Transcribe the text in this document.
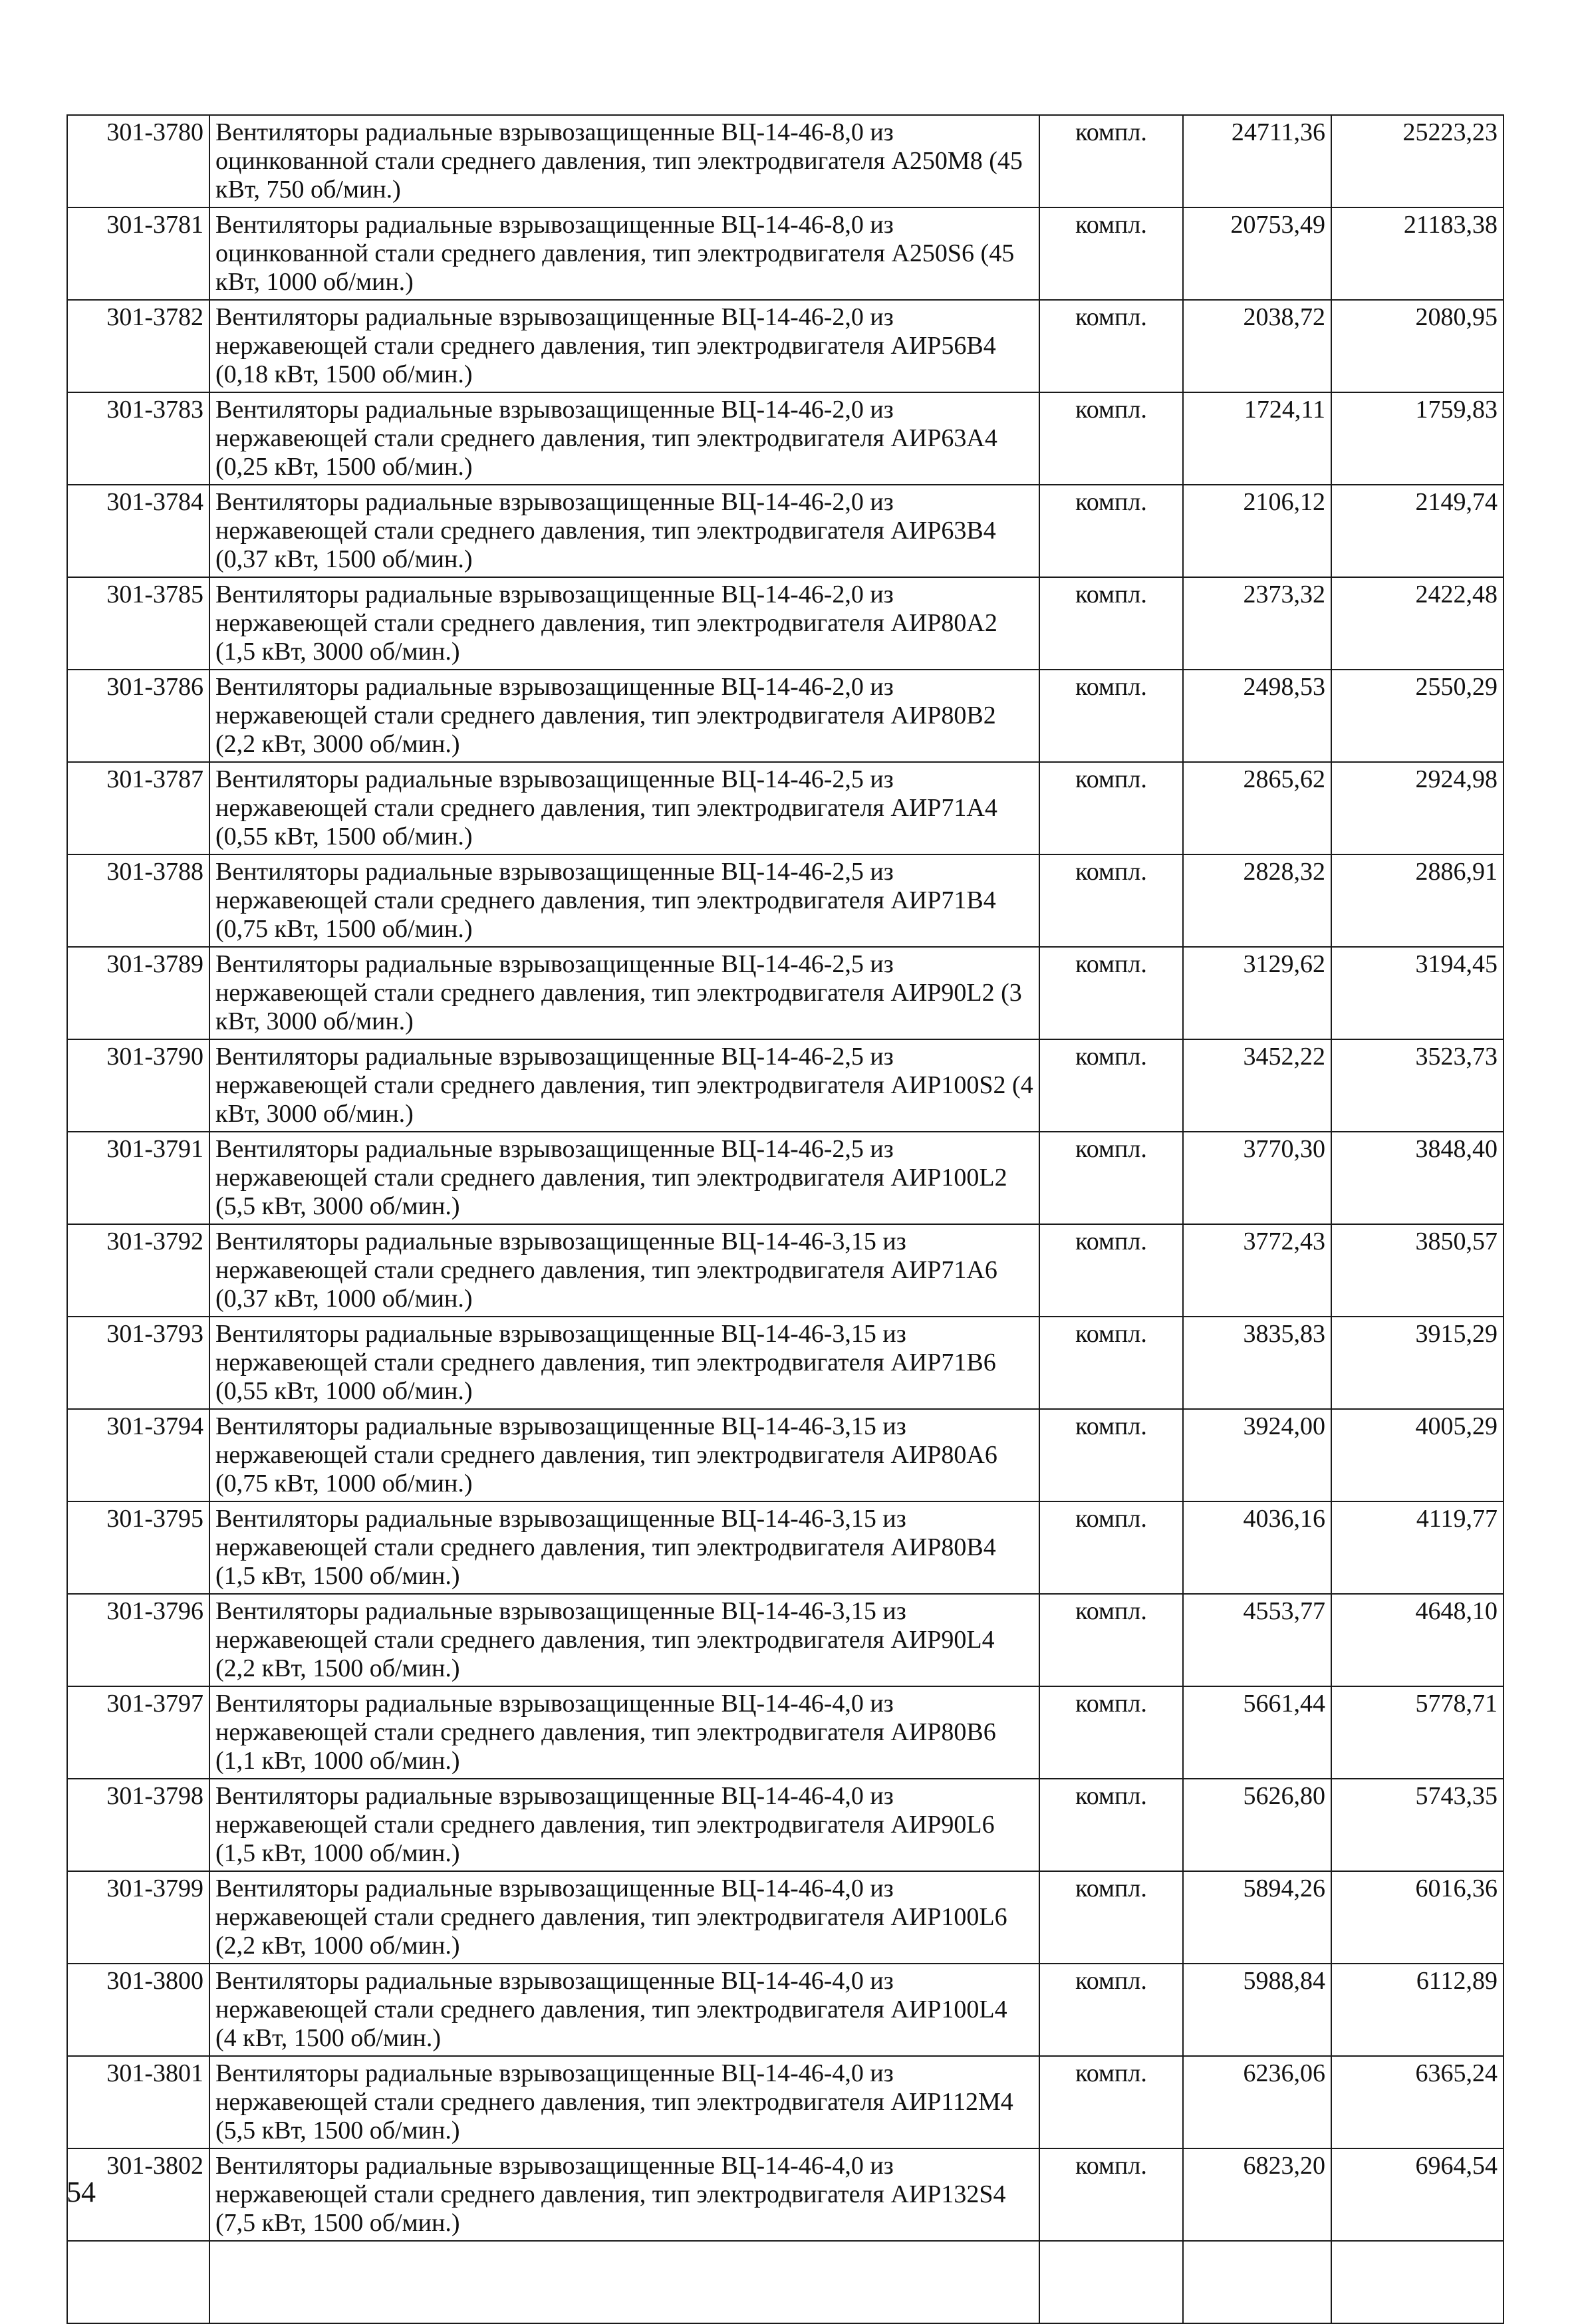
301-3780	Вентиляторы радиальные взрывозащищенные ВЦ-14-46-8,0 из оцинкованной стали среднего давления, тип электродвигателя А250М8 (45 кВт, 750 об/мин.)	компл.	24711,36	25223,23
301-3781	Вентиляторы радиальные взрывозащищенные ВЦ-14-46-8,0 из оцинкованной стали среднего давления, тип электродвигателя А250S6 (45 кВт, 1000 об/мин.)	компл.	20753,49	21183,38
301-3782	Вентиляторы радиальные взрывозащищенные ВЦ-14-46-2,0 из нержавеющей стали среднего давления, тип электродвигателя АИР56В4 (0,18 кВт, 1500 об/мин.)	компл.	2038,72	2080,95
301-3783	Вентиляторы радиальные взрывозащищенные ВЦ-14-46-2,0 из нержавеющей стали среднего давления, тип электродвигателя АИР63А4 (0,25 кВт, 1500 об/мин.)	компл.	1724,11	1759,83
301-3784	Вентиляторы радиальные взрывозащищенные ВЦ-14-46-2,0 из нержавеющей стали среднего давления, тип электродвигателя АИР63В4 (0,37 кВт, 1500 об/мин.)	компл.	2106,12	2149,74
301-3785	Вентиляторы радиальные взрывозащищенные ВЦ-14-46-2,0 из нержавеющей стали среднего давления, тип электродвигателя АИР80А2 (1,5 кВт, 3000 об/мин.)	компл.	2373,32	2422,48
301-3786	Вентиляторы радиальные взрывозащищенные ВЦ-14-46-2,0 из нержавеющей стали среднего давления, тип электродвигателя АИР80В2 (2,2 кВт, 3000 об/мин.)	компл.	2498,53	2550,29
301-3787	Вентиляторы радиальные взрывозащищенные ВЦ-14-46-2,5 из нержавеющей стали среднего давления, тип электродвигателя АИР71А4 (0,55 кВт, 1500 об/мин.)	компл.	2865,62	2924,98
301-3788	Вентиляторы радиальные взрывозащищенные ВЦ-14-46-2,5 из нержавеющей стали среднего давления, тип электродвигателя АИР71В4 (0,75 кВт, 1500 об/мин.)	компл.	2828,32	2886,91
301-3789	Вентиляторы радиальные взрывозащищенные ВЦ-14-46-2,5 из нержавеющей стали среднего давления, тип электродвигателя АИР90L2 (3 кВт, 3000 об/мин.)	компл.	3129,62	3194,45
301-3790	Вентиляторы радиальные взрывозащищенные ВЦ-14-46-2,5 из нержавеющей стали среднего давления, тип электродвигателя АИР100S2 (4 кВт, 3000 об/мин.)	компл.	3452,22	3523,73
301-3791	Вентиляторы радиальные взрывозащищенные ВЦ-14-46-2,5 из нержавеющей стали среднего давления, тип электродвигателя АИР100L2 (5,5 кВт, 3000 об/мин.)	компл.	3770,30	3848,40
301-3792	Вентиляторы радиальные взрывозащищенные ВЦ-14-46-3,15 из нержавеющей стали среднего давления, тип электродвигателя АИР71А6 (0,37 кВт, 1000 об/мин.)	компл.	3772,43	3850,57
301-3793	Вентиляторы радиальные взрывозащищенные ВЦ-14-46-3,15 из нержавеющей стали среднего давления, тип электродвигателя АИР71В6 (0,55 кВт, 1000 об/мин.)	компл.	3835,83	3915,29
301-3794	Вентиляторы радиальные взрывозащищенные ВЦ-14-46-3,15 из нержавеющей стали среднего давления, тип электродвигателя АИР80А6 (0,75 кВт, 1000 об/мин.)	компл.	3924,00	4005,29
301-3795	Вентиляторы радиальные взрывозащищенные ВЦ-14-46-3,15 из нержавеющей стали среднего давления, тип электродвигателя АИР80В4 (1,5 кВт, 1500 об/мин.)	компл.	4036,16	4119,77
301-3796	Вентиляторы радиальные взрывозащищенные ВЦ-14-46-3,15 из нержавеющей стали среднего давления, тип электродвигателя АИР90L4 (2,2 кВт, 1500 об/мин.)	компл.	4553,77	4648,10
301-3797	Вентиляторы радиальные взрывозащищенные ВЦ-14-46-4,0 из нержавеющей стали среднего давления, тип электродвигателя АИР80В6 (1,1 кВт, 1000 об/мин.)	компл.	5661,44	5778,71
301-3798	Вентиляторы радиальные взрывозащищенные ВЦ-14-46-4,0 из нержавеющей стали среднего давления, тип электродвигателя АИР90L6 (1,5 кВт, 1000 об/мин.)	компл.	5626,80	5743,35
301-3799	Вентиляторы радиальные взрывозащищенные ВЦ-14-46-4,0 из нержавеющей стали среднего давления, тип электродвигателя АИР100L6 (2,2 кВт, 1000 об/мин.)	компл.	5894,26	6016,36
301-3800	Вентиляторы радиальные взрывозащищенные ВЦ-14-46-4,0 из нержавеющей стали среднего давления, тип электродвигателя АИР100L4 (4 кВт, 1500 об/мин.)	компл.	5988,84	6112,89
301-3801	Вентиляторы радиальные взрывозащищенные ВЦ-14-46-4,0 из нержавеющей стали среднего давления, тип электродвигателя АИР112М4 (5,5 кВт, 1500 об/мин.)	компл.	6236,06	6365,24
301-3802	Вентиляторы радиальные взрывозащищенные ВЦ-14-46-4,0 из нержавеющей стали среднего давления, тип электродвигателя АИР132S4 (7,5 кВт, 1500 об/мин.)	компл.	6823,20	6964,54

54
